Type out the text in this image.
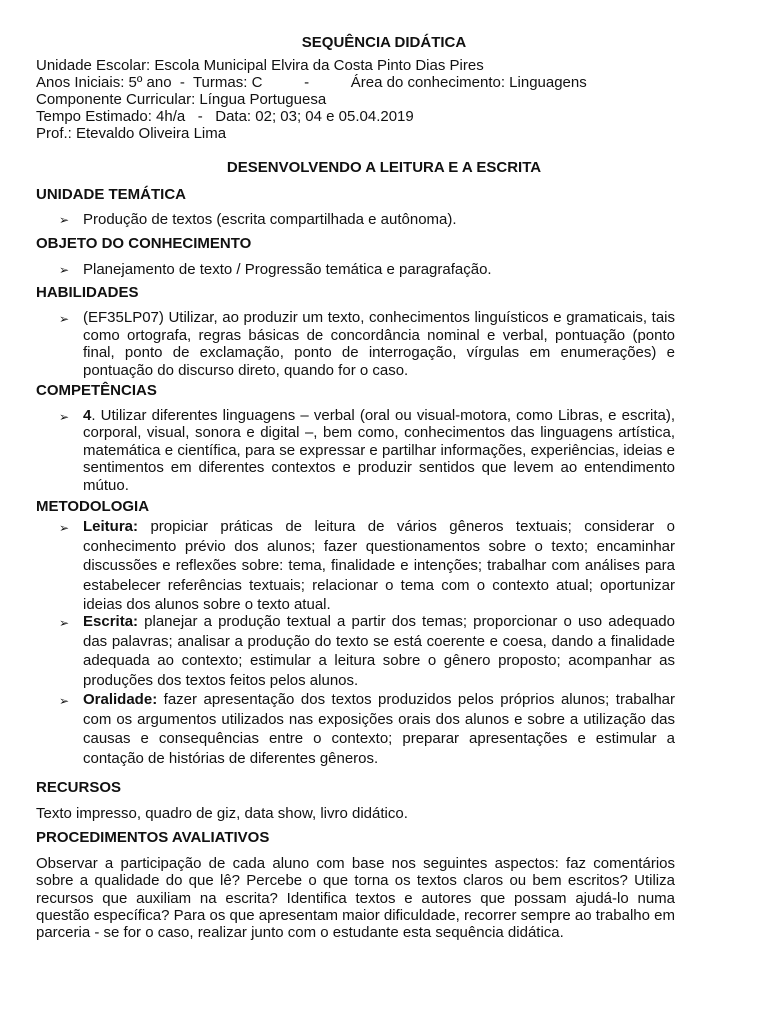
SEQUÊNCIA DIDÁTICA
Unidade Escolar: Escola Municipal Elvira da Costa Pinto Dias Pires
Anos Iniciais: 5º ano  -  Turmas: C          -          Área do conhecimento: Linguagens
Componente Curricular: Língua Portuguesa
Tempo Estimado: 4h/a   -   Data: 02; 03; 04 e 05.04.2019
Prof.: Etevaldo Oliveira Lima
DESENVOLVENDO A LEITURA E A ESCRITA
UNIDADE TEMÁTICA
➢ Produção de textos (escrita compartilhada e autônoma).
OBJETO DO CONHECIMENTO
➢ Planejamento de texto / Progressão temática e paragrafação.
HABILIDADES
➢ (EF35LP07) Utilizar, ao produzir um texto, conhecimentos linguísticos e gramaticais, tais como ortografa, regras básicas de concordância nominal e verbal, pontuação (ponto final, ponto de exclamação, ponto de interrogação, vírgulas em enumerações) e pontuação do discurso direto, quando for o caso.
COMPETÊNCIAS
➢ 4. Utilizar diferentes linguagens – verbal (oral ou visual-motora, como Libras, e escrita), corporal, visual, sonora e digital –, bem como, conhecimentos das linguagens artística, matemática e científica, para se expressar e partilhar informações, experiências, ideias e sentimentos em diferentes contextos e produzir sentidos que levem ao entendimento mútuo.
METODOLOGIA
➢ Leitura: propiciar práticas de leitura de vários gêneros textuais; considerar o conhecimento prévio dos alunos; fazer questionamentos sobre o texto; encaminhar discussões e reflexões sobre: tema, finalidade e intenções; trabalhar com análises para estabelecer referências textuais; relacionar o tema com o contexto atual; oportunizar ideias dos alunos sobre o texto atual.
➢ Escrita: planejar a produção textual a partir dos temas; proporcionar o uso adequado das palavras; analisar a produção do texto se está coerente e coesa, dando a finalidade adequada ao contexto; estimular a leitura sobre o gênero proposto; acompanhar as produções dos textos feitos pelos alunos.
➢ Oralidade: fazer apresentação dos textos produzidos pelos próprios alunos; trabalhar com os argumentos utilizados nas exposições orais dos alunos e sobre a utilização das causas e consequências entre o contexto; preparar apresentações e estimular a contação de histórias de diferentes gêneros.
RECURSOS
Texto impresso, quadro de giz, data show, livro didático.
PROCEDIMENTOS AVALIATIVOS
Observar a participação de cada aluno com base nos seguintes aspectos: faz comentários sobre a qualidade do que lê? Percebe o que torna os textos claros ou bem escritos? Utiliza recursos que auxiliam na escrita? Identifica textos e autores que possam ajudá-lo numa questão específica? Para os que apresentam maior dificuldade, recorrer sempre ao trabalho em parceria - se for o caso, realizar junto com o estudante esta sequência didática.
